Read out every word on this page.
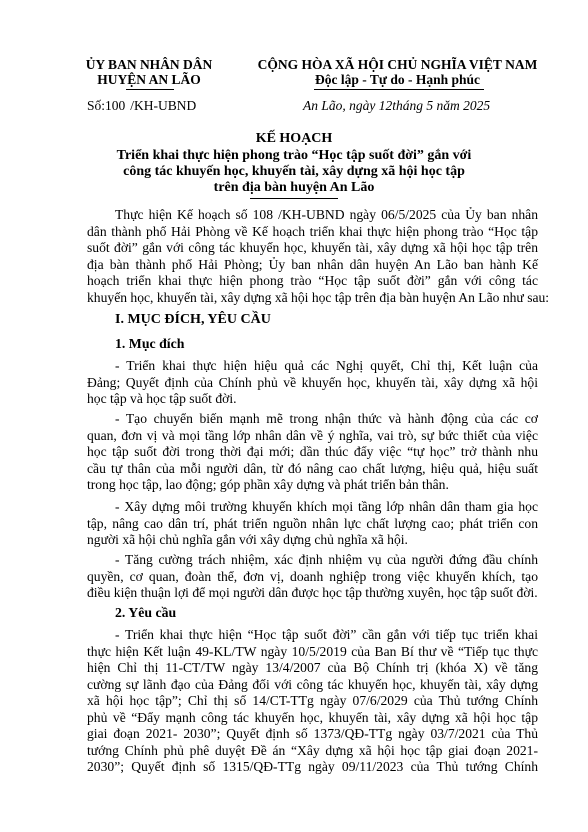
ỦY BAN NHÂN DÂN
HUYỆN AN LÃO
Số:100 /KH-UBND
CỘNG HÒA XÃ HỘI CHỦ NGHĨA VIỆT NAM
Độc lập - Tự do - Hạnh phúc
An Lão, ngày 12tháng 5 năm 2025
KẾ HOẠCH
Triển khai thực hiện phong trào “Học tập suốt đời” gắn với
công tác khuyến học, khuyến tài, xây dựng xã hội học tập
trên địa bàn huyện An Lão
Thực hiện Kế hoạch số 108 /KH-UBND ngày 06/5/2025 của Ủy ban nhân
dân thành phố Hải Phòng về Kế hoạch triển khai thực hiện phong trào “Học tập
suốt đời” gắn với công tác khuyến học, khuyến tài, xây dựng xã hội học tập trên
địa bàn thành phố Hải Phòng; Ủy ban nhân dân huyện An Lão ban hành Kế
hoạch triển khai thực hiện phong trào “Học tập suốt đời” gắn với công tác
khuyến học, khuyến tài, xây dựng xã hội học tập trên địa bàn huyện An Lão như sau:
I. MỤC ĐÍCH, YÊU CẦU
1. Mục đích
- Triển khai thực hiện hiệu quả các Nghị quyết, Chỉ thị, Kết luận của
Đảng; Quyết định của Chính phủ về khuyến học, khuyến tài, xây dựng xã hội
học tập và học tập suốt đời.
- Tạo chuyển biến mạnh mẽ trong nhận thức và hành động của các cơ
quan, đơn vị và mọi tầng lớp nhân dân về ý nghĩa, vai trò, sự bức thiết của việc
học tập suốt đời trong thời đại mới; dần thúc đẩy việc “tự học” trở thành nhu
cầu tự thân của mỗi người dân, từ đó nâng cao chất lượng, hiệu quả, hiệu suất
trong học tập, lao động; góp phần xây dựng và phát triển bản thân.
- Xây dựng môi trường khuyến khích mọi tầng lớp nhân dân tham gia học
tập, nâng cao dân trí, phát triển nguồn nhân lực chất lượng cao; phát triển con
người xã hội chủ nghĩa gắn với xây dựng chủ nghĩa xã hội.
- Tăng cường trách nhiệm, xác định nhiệm vụ của người đứng đầu chính
quyền, cơ quan, đoàn thể, đơn vị, doanh nghiệp trong việc khuyến khích, tạo
điều kiện thuận lợi để mọi người dân được học tập thường xuyên, học tập suốt đời.
2. Yêu cầu
- Triển khai thực hiện “Học tập suốt đời” cần gắn với tiếp tục triển khai
thực hiện Kết luận 49-KL/TW ngày 10/5/2019 của Ban Bí thư về “Tiếp tục thực
hiện Chỉ thị 11-CT/TW ngày 13/4/2007 của Bộ Chính trị (khóa X) về tăng
cường sự lãnh đạo của Đảng đối với công tác khuyến học, khuyến tài, xây dựng
xã hội học tập”; Chỉ thị số 14/CT-TTg ngày 07/6/2029 của Thủ tướng Chính
phủ về “Đẩy mạnh công tác khuyến học, khuyến tài, xây dựng xã hội học tập
giai đoạn 2021- 2030”; Quyết định số 1373/QĐ-TTg ngày 03/7/2021 của Thủ
tướng Chính phủ phê duyệt Đề án “Xây dựng xã hội học tập giai đoạn 2021-
2030”; Quyết định số 1315/QĐ-TTg ngày 09/11/2023 của Thủ tướng Chính
